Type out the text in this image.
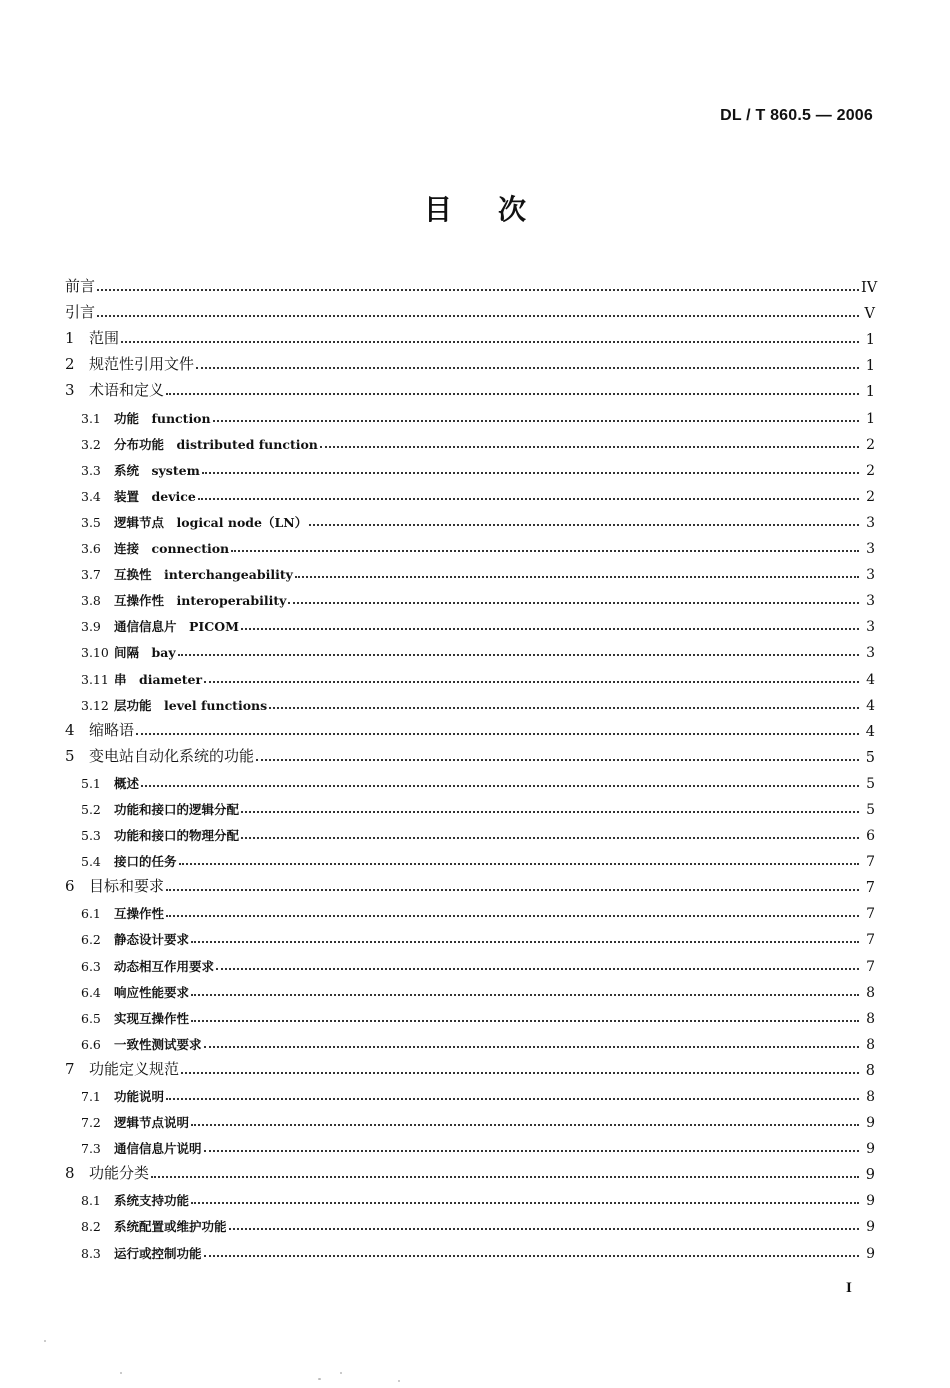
DL / T 860.5 — 2006
目 次
前言	IV
引言	V
1 范围	1
2 规范性引用文件	1
3 术语和定义	1
3.1	功能　function	1
3.2	分布功能　distributed function	2
3.3	系统　system	2
3.4	装置　device	2
3.5	逻辑节点　logical node（LN）	3
3.6	连接　connection	3
3.7	互换性　interchangeability	3
3.8	互操作性　interoperability	3
3.9	通信信息片　PICOM	3
3.10 间隔　bay	3
3.11 串　diameter	4
3.12 层功能　level functions	4
4 缩略语	4
5 变电站自动化系统的功能	5
5.1	概述	5
5.2	功能和接口的逻辑分配	5
5.3	功能和接口的物理分配	6
5.4	接口的任务	7
6 目标和要求	7
6.1	互操作性	7
6.2	静态设计要求	7
6.3	动态相互作用要求	7
6.4	响应性能要求	8
6.5	实现互操作性	8
6.6	一致性测试要求	8
7 功能定义规范	8
7.1	功能说明	8
7.2	逻辑节点说明	9
7.3	通信信息片说明	9
8 功能分类	9
8.1	系统支持功能	9
8.2	系统配置或维护功能	9
8.3	运行或控制功能	9
I
